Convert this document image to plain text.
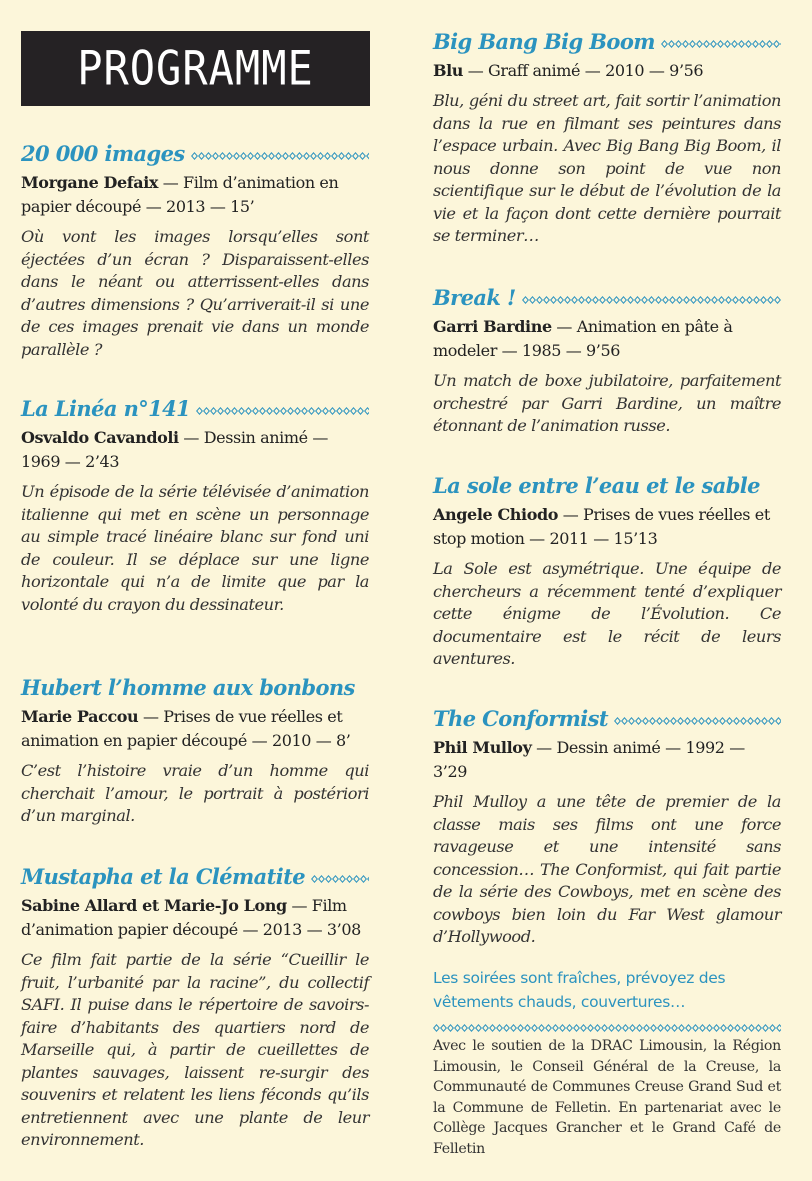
PROGRAMME
20 000 images
Morgane Defaix — Film d’animation en papier découpé — 2013 — 15’
Où vont les images lorsqu’elles sont éjectées d’un écran ? Disparaissent-elles dans le néant ou atterrissent-elles dans d’autres dimensions ? Qu’arriverait-il si une de ces images prenait vie dans un monde parallèle ?
La Linéa n°141
Osvaldo Cavandoli — Dessin animé — 1969 — 2’43
Un épisode de la série télévisée d’animation italienne qui met en scène un personnage au simple tracé linéaire blanc sur fond uni de couleur. Il se déplace sur une ligne horizontale qui n’a de limite que par la volonté du crayon du dessinateur.
Hubert l’homme aux bonbons
Marie Paccou — Prises de vue réelles et animation en papier découpé — 2010 — 8’
C’est l’histoire vraie d’un homme qui cherchait l’amour, le portrait à postériori d’un marginal.
Mustapha et la Clématite
Sabine Allard et Marie-Jo Long — Film d’animation papier découpé — 2013 — 3’08
Ce film fait partie de la série “Cueillir le fruit, l’urbanité par la racine”, du collectif SAFI. Il puise dans le répertoire de savoirs-faire d’habitants des quartiers nord de Marseille qui, à partir de cueillettes de plantes sauvages, laissent re-surgir des souvenirs et relatent les liens féconds qu’ils entretiennent avec une plante de leur environnement.
Big Bang Big Boom
Blu — Graff animé — 2010 — 9’56
Blu, géni du street art, fait sortir l’animation dans la rue en filmant ses peintures dans l’espace urbain. Avec Big Bang Big Boom, il nous donne son point de vue non scientifique sur le début de l’évolution de la vie et la façon dont cette dernière pourrait se terminer…
Break !
Garri Bardine — Animation en pâte à modeler — 1985 — 9’56
Un match de boxe jubilatoire, parfaitement orchestré par Garri Bardine, un maître étonnant de l’animation russe.
La sole entre l’eau et le sable
Angele Chiodo — Prises de vues réelles et stop motion — 2011 — 15’13
La Sole est asymétrique. Une équipe de chercheurs a récemment tenté d’expliquer cette énigme de l’Évolution. Ce documentaire est le récit de leurs aventures.
The Conformist
Phil Mulloy — Dessin animé — 1992 — 3’29
Phil Mulloy a une tête de premier de la classe mais ses films ont une force ravageuse et une intensité sans concession… The Conformist, qui fait partie de la série des Cowboys, met en scène des cowboys bien loin du Far West glamour d’Hollywood.
Les soirées sont fraîches, prévoyez des vêtements chauds, couvertures…
Avec le soutien de la DRAC Limousin, la Région Limousin, le Conseil Général de la Creuse, la Communauté de Communes Creuse Grand Sud et la Commune de Felletin. En partenariat avec le Collège Jacques Grancher et le Grand Café de Felletin
